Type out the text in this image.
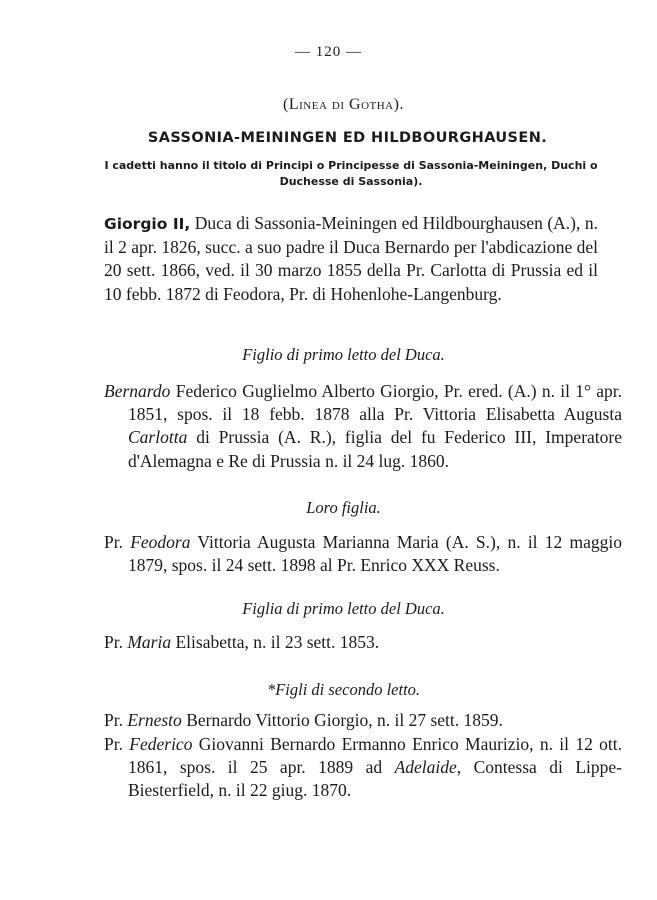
— 120 —
(Linea di Gotha).
SASSONIA-MEININGEN ED HILDBOURGHAUSEN.
I cadetti hanno il titolo di Principi o Principesse di Sassonia-Meiningen, Duchi o Duchesse di Sassonia).

Giorgio II, Duca di Sassonia-Meiningen ed Hildbourghausen (A.), n. il 2 apr. 1826, succ. a suo padre il Duca Bernardo per l'abdicazione del 20 sett. 1866, ved. il 30 marzo 1855 della Pr. Carlotta di Prussia ed il 10 febb. 1872 di Feodora, Pr. di Hohenlohe-Langenburg.

Figlio di primo letto del Duca.

Bernardo Federico Guglielmo Alberto Giorgio, Pr. ered. (A.) n. il 1° apr. 1851, spos. il 18 febb. 1878 alla Pr. Vittoria Elisabetta Augusta Carlotta di Prussia (A. R.), figlia del fu Federico III, Imperatore d'Alemagna e Re di Prussia n. il 24 lug. 1860.

Loro figlia.

Pr. Feodora Vittoria Augusta Marianna Maria (A. S.), n. il 12 maggio 1879, spos. il 24 sett. 1898 al Pr. Enrico XXX Reuss.

Figlia di primo letto del Duca.

Pr. Maria Elisabetta, n. il 23 sett. 1853.

*Figli di secondo letto.

Pr. Ernesto Bernardo Vittorio Giorgio, n. il 27 sett. 1859.

Pr. Federico Giovanni Bernardo Ermanno Enrico Maurizio, n. il 12 ott. 1861, spos. il 25 apr. 1889 ad Adelaide, Contessa di Lippe-Biesterfield, n. il 22 giug. 1870.
